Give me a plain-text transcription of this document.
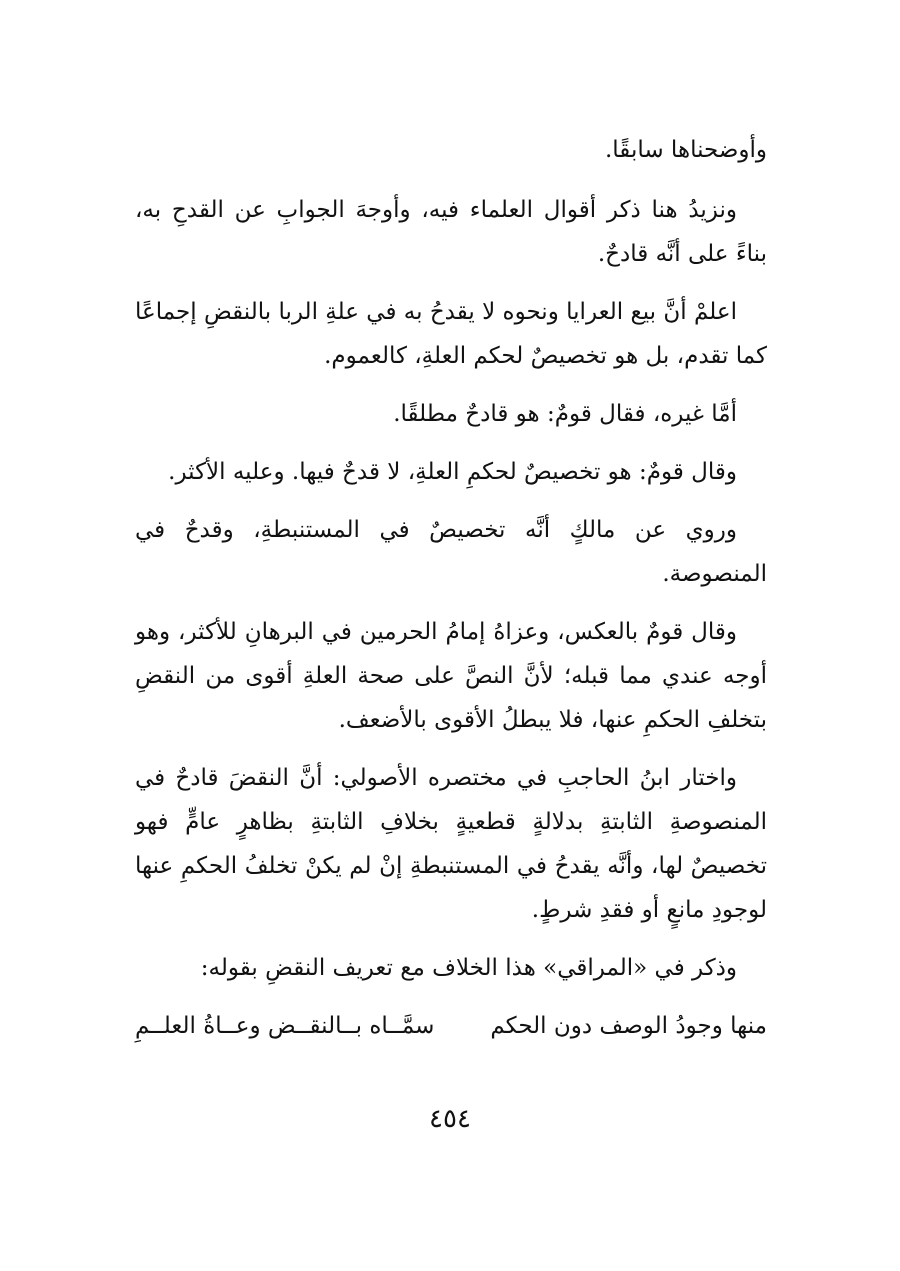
وأوضحناها سابقًا.

ونزيدُ هنا ذكر أقوال العلماء فيه، وأوجهَ الجوابِ عن القدحِ به، بناءً على أنَّه قادحٌ.

اعلمْ أنَّ بيع العرايا ونحوه لا يقدحُ به في علةِ الربا بالنقضِ إجماعًا كما تقدم، بل هو تخصيصٌ لحكم العلةِ، كالعموم.

أمَّا غيره، فقال قومٌ: هو قادحٌ مطلقًا.

وقال قومٌ: هو تخصيصٌ لحكمِ العلةِ، لا قدحٌ فيها. وعليه الأكثر.

وروي عن مالكٍ أنَّه تخصيصٌ في المستنبطةِ، وقدحٌ في المنصوصة.

وقال قومٌ بالعكس، وعزاهُ إمامُ الحرمين في البرهانِ للأكثر، وهو أوجه عندي مما قبله؛ لأنَّ النصَّ على صحة العلةِ أقوى من النقضِ بتخلفِ الحكمِ عنها، فلا يبطلُ الأقوى بالأضعف.

واختار ابنُ الحاجبِ في مختصره الأصولي: أنَّ النقضَ قادحٌ في المنصوصةِ الثابتةِ بدلالةٍ قطعيةٍ بخلافِ الثابتةِ بظاهرٍ عامٍّ فهو تخصيصٌ لها، وأنَّه يقدحُ في المستنبطةِ إنْ لم يكنْ تخلفُ الحكمِ عنها لوجودِ مانعٍ أو فقدِ شرطٍ.

وذكر في «المراقي» هذا الخلاف مع تعريف النقضِ بقوله:

منها وجودُ الوصف دون الحكم
سمَّــاه بــالنقــض وعــاةُ العلــمِ
٤٥٤
